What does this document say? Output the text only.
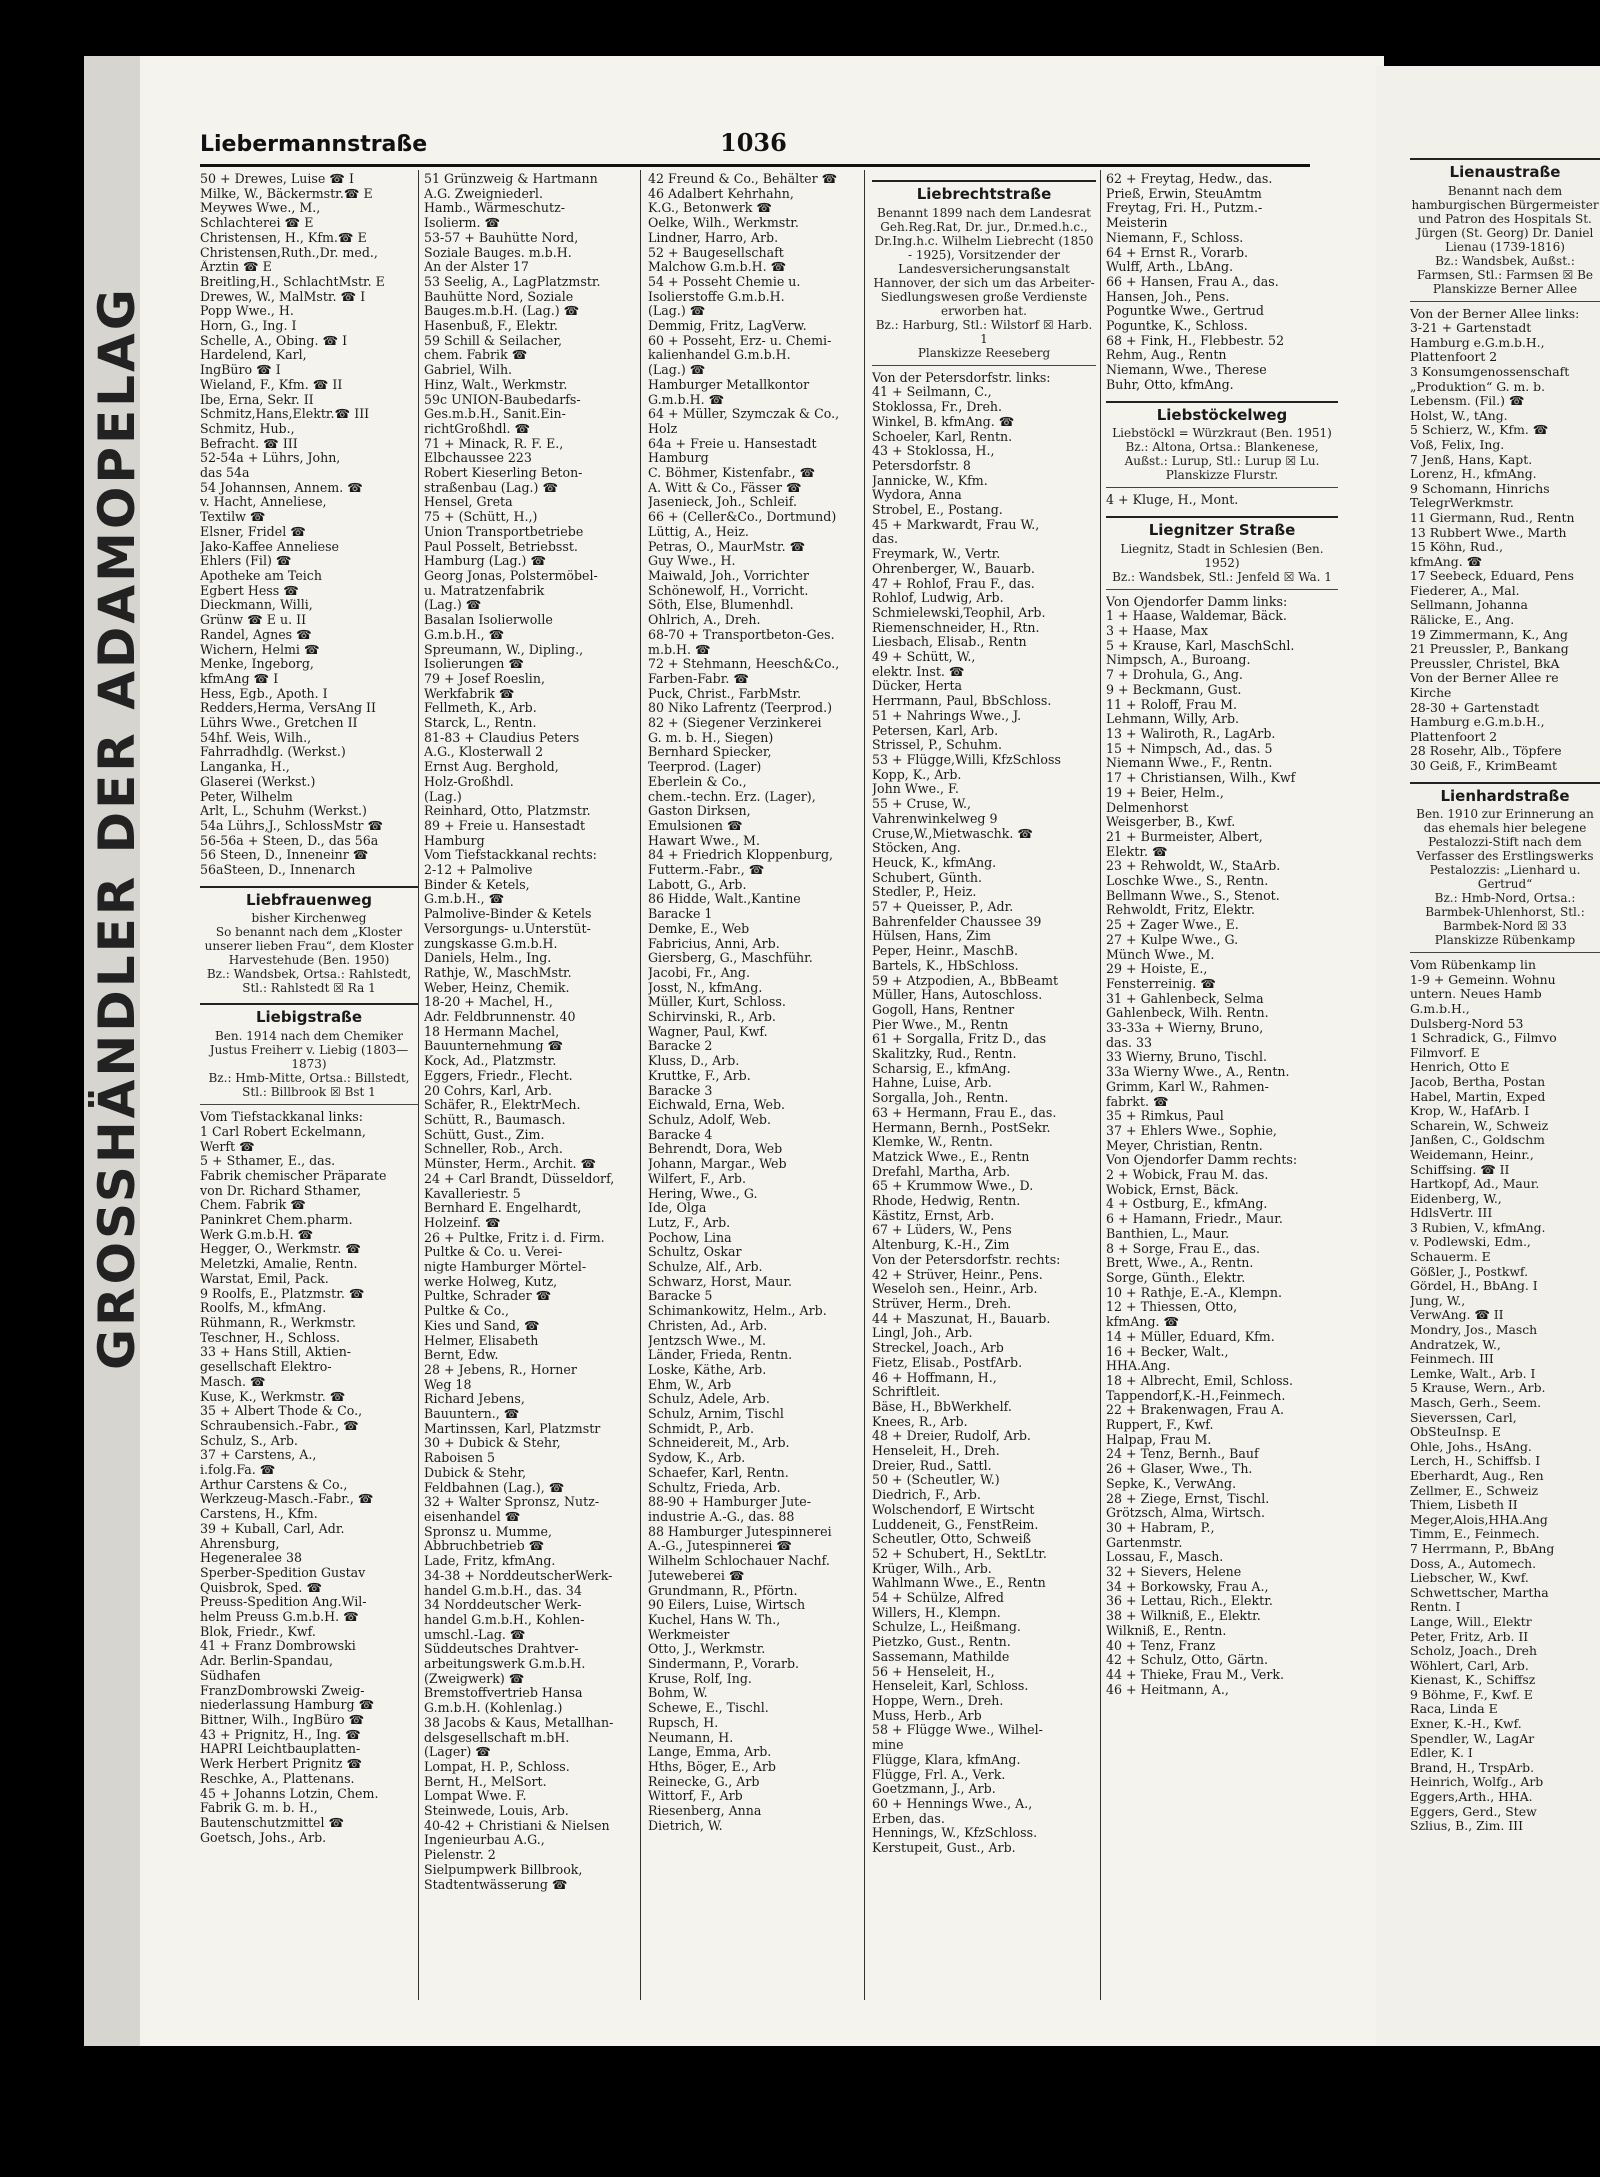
GROSSHÄNDLER DER ADAMOPELAG
Liebermannstraße	1036
50 + Drewes, Luise ☎ I
Milke, W., Bäckermstr.☎ E
Meywes Wwe., M.,
Schlachterei ☎ E
Christensen, H., Kfm.☎ E
Christensen,Ruth.,Dr. med.,
Ärztin ☎ E
Breitling,H., SchlachtMstr. E
Drewes, W., MalMstr. ☎ I
Popp Wwe., H.
Horn, G., Ing. I
Schelle, A., Obing. ☎ I
Hardelend, Karl,
IngBüro ☎ I
Wieland, F., Kfm. ☎ II
Ibe, Erna, Sekr. II
Schmitz,Hans,Elektr.☎ III
Schmitz, Hub.,
Befracht. ☎ III
52-54a + Lührs, John,
das 54a
54 Johannsen, Annem. ☎
v. Hacht, Anneliese,
Textilw ☎
Elsner, Fridel ☎
Jako-Kaffee Anneliese
Ehlers (Fil) ☎
Apotheke am Teich
Egbert Hess ☎
Dieckmann, Willi,
Grünw ☎ E u. II
Randel, Agnes ☎
Wichern, Helmi ☎
Menke, Ingeborg,
kfmAng ☎ I
Hess, Egb., Apoth. I
Redders,Herma, VersAng II
Lührs Wwe., Gretchen II
54hf. Weis, Wilh.,
Fahrradhdlg. (Werkst.)
Langanka, H.,
Glaserei (Werkst.)
Peter, Wilhelm
Arlt, L., Schuhm (Werkst.)
54a Lührs,J., SchlossMstr ☎
56-56a + Steen, D., das 56a
56 Steen, D., Inneneinr ☎
56aSteen, D., Innenarch
Liebfrauenweg
bisher Kirchenweg
So benannt nach dem „Kloster unserer lieben Frau“, dem Kloster Harvestehude (Ben. 1950)
Bz.: Wandsbek, Ortsa.: Rahlstedt, Stl.: Rahlstedt ☒ Ra 1
Liebigstraße
Ben. 1914 nach dem Chemiker Justus Freiherr v. Liebig (1803—1873)
Bz.: Hmb-Mitte, Ortsa.: Billstedt, Stl.: Billbrook ☒ Bst 1
Vom Tiefstackkanal links:
1 Carl Robert Eckelmann,
Werft ☎
5 + Sthamer, E., das.
Fabrik chemischer Präparate
von Dr. Richard Sthamer,
Chem. Fabrik ☎
Paninkret Chem.pharm.
Werk G.m.b.H. ☎
Hegger, O., Werkmstr. ☎
Meletzki, Amalie, Rentn.
Warstat, Emil, Pack.
9 Roolfs, E., Platzmstr. ☎
Roolfs, M., kfmAng.
Rühmann, R., Werkmstr.
Teschner, H., Schloss.
33 + Hans Still, Aktien-
gesellschaft Elektro-
Masch. ☎
Kuse, K., Werkmstr. ☎
35 + Albert Thode & Co.,
Schraubensich.-Fabr., ☎
Schulz, S., Arb.
37 + Carstens, A.,
i.folg.Fa. ☎
Arthur Carstens & Co.,
Werkzeug-Masch.-Fabr., ☎
Carstens, H., Kfm.
39 + Kuball, Carl, Adr.
Ahrensburg,
Hegeneralee 38
Sperber-Spedition Gustav
Quisbrok, Sped. ☎
Preuss-Spedition Ang.Wil-
helm Preuss G.m.b.H. ☎
Blok, Friedr., Kwf.
41 + Franz Dombrowski
Adr. Berlin-Spandau,
Südhafen
FranzDombrowski Zweig-
niederlassung Hamburg ☎
Bittner, Wilh., IngBüro ☎
43 + Prignitz, H., Ing. ☎
HAPRI Leichtbauplatten-
Werk Herbert Prignitz ☎
Reschke, A., Plattenans.
45 + Johanns Lotzin, Chem.
Fabrik G. m. b. H.,
Bautenschutzmittel ☎
Goetsch, Johs., Arb.
51 Grünzweig & Hartmann
A.G. Zweigniederl.
Hamb., Wärmeschutz-
Isolierm. ☎
53-57 + Bauhütte Nord,
Soziale Bauges. m.b.H.
An der Alster 17
53 Seelig, A., LagPlatzmstr.
Bauhütte Nord, Soziale
Bauges.m.b.H. (Lag.) ☎
Hasenbuß, F., Elektr.
59 Schill & Seilacher,
chem. Fabrik ☎
Gabriel, Wilh.
Hinz, Walt., Werkmstr.
59c UNION-Baubedarfs-
Ges.m.b.H., Sanit.Ein-
richtGroßhdl. ☎
71 + Minack, R. F. E.,
Elbchaussee 223
Robert Kieserling Beton-
straßenbau (Lag.) ☎
Hensel, Greta
75 + (Schütt, H.,)
Union Transportbetriebe
Paul Posselt, Betriebsst.
Hamburg (Lag.) ☎
Georg Jonas, Polstermöbel-
u. Matratzenfabrik
(Lag.) ☎
Basalan Isolierwolle
G.m.b.H., ☎
Spreumann, W., Dipling.,
Isolierungen ☎
79 + Josef Roeslin,
Werkfabrik ☎
Fellmeth, K., Arb.
Starck, L., Rentn.
81-83 + Claudius Peters
A.G., Klosterwall 2
Ernst Aug. Berghold,
Holz-Großhdl.
(Lag.)
Reinhard, Otto, Platzmstr.
89 + Freie u. Hansestadt
Hamburg
Vom Tiefstackkanal rechts:
2-12 + Palmolive
Binder & Ketels,
G.m.b.H., ☎
Palmolive-Binder & Ketels
Versorgungs- u.Unterstüt-
zungskasse G.m.b.H.
Daniels, Helm., Ing.
Rathje, W., MaschMstr.
Weber, Heinz, Chemik.
18-20 + Machel, H.,
Adr. Feldbrunnenstr. 40
18 Hermann Machel,
Bauunternehmung ☎
Kock, Ad., Platzmstr.
Eggers, Friedr., Flecht.
20 Cohrs, Karl, Arb.
Schäfer, R., ElektrMech.
Schütt, R., Baumasch.
Schütt, Gust., Zim.
Schneller, Rob., Arch.
Münster, Herm., Archit. ☎
24 + Carl Brandt, Düsseldorf,
Kavalleriestr. 5
Bernhard E. Engelhardt,
Holzeinf. ☎
26 + Pultke, Fritz i. d. Firm.
Pultke & Co. u. Verei-
nigte Hamburger Mörtel-
werke Holweg, Kutz,
Pultke, Schrader ☎
Pultke & Co.,
Kies und Sand, ☎
Helmer, Elisabeth
Bernt, Edw.
28 + Jebens, R., Horner
Weg 18
Richard Jebens,
Bauuntern., ☎
Martinssen, Karl, Platzmstr
30 + Dubick & Stehr,
Raboisen 5
Dubick & Stehr,
Feldbahnen (Lag.), ☎
32 + Walter Spronsz, Nutz-
eisenhandel ☎
Spronsz u. Mumme,
Abbruchbetrieb ☎
Lade, Fritz, kfmAng.
34-38 + NorddeutscherWerk-
handel G.m.b.H., das. 34
34 Norddeutscher Werk-
handel G.m.b.H., Kohlen-
umschl.-Lag. ☎
Süddeutsches Drahtver-
arbeitungswerk G.m.b.H.
(Zweigwerk) ☎
Bremstoffvertrieb Hansa
G.m.b.H. (Kohlenlag.)
38 Jacobs & Kaus, Metallhan-
delsgesellschaft m.bH.
(Lager) ☎
Lompat, H. P., Schloss.
Bernt, H., MelSort.
Lompat Wwe. F.
Steinwede, Louis, Arb.
40-42 + Christiani & Nielsen
Ingenieurbau A.G.,
Pielenstr. 2
Sielpumpwerk Billbrook,
Stadtentwässerung ☎
42 Freund & Co., Behälter ☎
46 Adalbert Kehrhahn,
K.G., Betonwerk ☎
Oelke, Wilh., Werkmstr.
Lindner, Harro, Arb.
52 + Baugesellschaft
Malchow G.m.b.H. ☎
54 + Posseht Chemie u.
Isolierstoffe G.m.b.H.
(Lag.) ☎
Demmig, Fritz, LagVerw.
60 + Posseht, Erz- u. Chemi-
kalienhandel G.m.b.H.
(Lag.) ☎
Hamburger Metallkontor
G.m.b.H. ☎
64 + Müller, Szymczak & Co.,
Holz
64a + Freie u. Hansestadt
Hamburg
C. Böhmer, Kistenfabr., ☎
A. Witt & Co., Fässer ☎
Jasenieck, Joh., Schleif.
66 + (Celler&Co., Dortmund)
Lüttig, A., Heiz.
Petras, O., MaurMstr. ☎
Guy Wwe., H.
Maiwald, Joh., Vorrichter
Schönewolf, H., Vorricht.
Söth, Else, Blumenhdl.
Ohlrich, A., Dreh.
68-70 + Transportbeton-Ges.
m.b.H. ☎
72 + Stehmann, Heesch&Co.,
Farben-Fabr. ☎
Puck, Christ., FarbMstr.
80 Niko Lafrentz (Teerprod.)
82 + (Siegener Verzinkerei
G. m. b. H., Siegen)
Bernhard Spiecker,
Teerprod. (Lager)
Eberlein & Co.,
chem.-techn. Erz. (Lager),
Gaston Dirksen,
Emulsionen ☎
Hawart Wwe., M.
84 + Friedrich Kloppenburg,
Futterm.-Fabr., ☎
Labott, G., Arb.
86 Hidde, Walt.,Kantine
Baracke 1
Demke, E., Web
Fabricius, Anni, Arb.
Giersberg, G., Maschführ.
Jacobi, Fr., Ang.
Josst, N., kfmAng.
Müller, Kurt, Schloss.
Schirvinski, R., Arb.
Wagner, Paul, Kwf.
Baracke 2
Kluss, D., Arb.
Kruttke, F., Arb.
Baracke 3
Eichwald, Erna, Web.
Schulz, Adolf, Web.
Baracke 4
Behrendt, Dora, Web
Johann, Margar., Web
Wilfert, F., Arb.
Hering, Wwe., G.
Ide, Olga
Lutz, F., Arb.
Pochow, Lina
Schultz, Oskar
Schulze, Alf., Arb.
Schwarz, Horst, Maur.
Baracke 5
Schimankowitz, Helm., Arb.
Christen, Ad., Arb.
Jentzsch Wwe., M.
Länder, Frieda, Rentn.
Loske, Käthe, Arb.
Ehm, W., Arb
Schulz, Adele, Arb.
Schulz, Arnim, Tischl
Schmidt, P., Arb.
Schneidereit, M., Arb.
Sydow, K., Arb.
Schaefer, Karl, Rentn.
Schultz, Frieda, Arb.
88-90 + Hamburger Jute-
industrie A.-G., das. 88
88 Hamburger Jutespinnerei
A.-G., Jutespinnerei ☎
Wilhelm Schlochauer Nachf.
Juteweberei ☎
Grundmann, R., Pförtn.
90 Eilers, Luise, Wirtsch
Kuchel, Hans W. Th.,
Werkmeister
Otto, J., Werkmstr.
Sindermann, P., Vorarb.
Kruse, Rolf, Ing.
Bohm, W.
Schewe, E., Tischl.
Rupsch, H.
Neumann, H.
Lange, Emma, Arb.
Hths, Böger, E., Arb
Reinecke, G., Arb
Wittorf, F., Arb
Riesenberg, Anna
Dietrich, W.
Liebrechtstraße
Benannt 1899 nach dem Landesrat Geh.Reg.Rat, Dr. jur., Dr.med.h.c., Dr.Ing.h.c. Wilhelm Liebrecht (1850 - 1925), Vorsitzender der Landesversicherungsanstalt Hannover, der sich um das Arbeiter-Siedlungswesen große Verdienste erworben hat.
Bz.: Harburg, Stl.: Wilstorf ☒ Harb. 1
Planskizze Reeseberg
Von der Petersdorfstr. links:
41 + Seilmann, C.,
Stoklossa, Fr., Dreh.
Winkel, B. kfmAng. ☎
Schoeler, Karl, Rentn.
43 + Stoklossa, H.,
Petersdorfstr. 8
Jannicke, W., Kfm.
Wydora, Anna
Strobel, E., Postang.
45 + Markwardt, Frau W.,
das.
Freymark, W., Vertr.
Ohrenberger, W., Bauarb.
47 + Rohlof, Frau F., das.
Rohlof, Ludwig, Arb.
Schmielewski,Teophil, Arb.
Riemenschneider, H., Rtn.
Liesbach, Elisab., Rentn
49 + Schütt, W.,
elektr. Inst. ☎
Dücker, Herta
Herrmann, Paul, BbSchloss.
51 + Nahrings Wwe., J.
Petersen, Karl, Arb.
Strissel, P., Schuhm.
53 + Flügge,Willi, KfzSchloss
Kopp, K., Arb.
John Wwe., F.
55 + Cruse, W.,
Vahrenwinkelweg 9
Cruse,W.,Mietwaschk. ☎
Stöcken, Ang.
Heuck, K., kfmAng.
Schubert, Günth.
Stedler, P., Heiz.
57 + Queisser, P., Adr.
Bahrenfelder Chaussee 39
Hülsen, Hans, Zim
Peper, Heinr., MaschB.
Bartels, K., HbSchloss.
59 + Atzpodien, A., BbBeamt
Müller, Hans, Autoschloss.
Gogoll, Hans, Rentner
Pier Wwe., M., Rentn
61 + Sorgalla, Fritz D., das
Skalitzky, Rud., Rentn.
Scharsig, E., kfmAng.
Hahne, Luise, Arb.
Sorgalla, Joh., Rentn.
63 + Hermann, Frau E., das.
Hermann, Bernh., PostSekr.
Klemke, W., Rentn.
Matzick Wwe., E., Rentn
Drefahl, Martha, Arb.
65 + Krummow Wwe., D.
Rhode, Hedwig, Rentn.
Kästitz, Ernst, Arb.
67 + Lüders, W., Pens
Altenburg, K.-H., Zim
Von der Petersdorfstr. rechts:
42 + Strüver, Heinr., Pens.
Weseloh sen., Heinr., Arb.
Strüver, Herm., Dreh.
44 + Maszunat, H., Bauarb.
Lingl, Joh., Arb.
Streckel, Joach., Arb
Fietz, Elisab., PostfArb.
46 + Hoffmann, H.,
Schriftleit.
Bäse, H., BbWerkhelf.
Knees, R., Arb.
48 + Dreier, Rudolf, Arb.
Henseleit, H., Dreh.
Dreier, Rud., Sattl.
50 + (Scheutler, W.)
Diedrich, F., Arb.
Wolschendorf, E Wirtscht
Luddeneit, G., FenstReim.
Scheutler, Otto, Schweiß
52 + Schubert, H., SektLtr.
Krüger, Wilh., Arb.
Wahlmann Wwe., E., Rentn
54 + Schülze, Alfred
Willers, H., Klempn.
Schulze, L., Heißmang.
Pietzko, Gust., Rentn.
Sassemann, Mathilde
56 + Henseleit, H.,
Henseleit, Karl, Schloss.
Hoppe, Wern., Dreh.
Muss, Herb., Arb
58 + Flügge Wwe., Wilhel-
mine
Flügge, Klara, kfmAng.
Flügge, Frl. A., Verk.
Goetzmann, J., Arb.
60 + Hennings Wwe., A.,
Erben, das.
Hennings, W., KfzSchloss.
Kerstupeit, Gust., Arb.
62 + Freytag, Hedw., das.
Prieß, Erwin, SteuAmtm
Freytag, Fri. H., Putzm.-
Meisterin
Niemann, F., Schloss.
64 + Ernst R., Vorarb.
Wulff, Arth., LbAng.
66 + Hansen, Frau A., das.
Hansen, Joh., Pens.
Poguntke Wwe., Gertrud
Poguntke, K., Schloss.
68 + Fink, H., Flebbestr. 52
Rehm, Aug., Rentn
Niemann, Wwe., Therese
Buhr, Otto, kfmAng.
Liebstöckelweg
Liebstöckl = Würzkraut (Ben. 1951)
Bz.: Altona, Ortsa.: Blankenese, Außst.: Lurup, Stl.: Lurup ☒ Lu.
Planskizze Flurstr.
4 + Kluge, H., Mont.
Liegnitzer Straße
Liegnitz, Stadt in Schlesien (Ben. 1952)
Bz.: Wandsbek, Stl.: Jenfeld ☒ Wa. 1
Von Ojendorfer Damm links:
1 + Haase, Waldemar, Bäck.
3 + Haase, Max
5 + Krause, Karl, MaschSchl.
Nimpsch, A., Buroang.
7 + Drohula, G., Ang.
9 + Beckmann, Gust.
11 + Roloff, Frau M.
Lehmann, Willy, Arb.
13 + Waliroth, R., LagArb.
15 + Nimpsch, Ad., das. 5
Niemann Wwe., F., Rentn.
17 + Christiansen, Wilh., Kwf
19 + Beier, Helm.,
Delmenhorst
Weisgerber, B., Kwf.
21 + Burmeister, Albert,
Elektr. ☎
23 + Rehwoldt, W., StaArb.
Loschke Wwe., S., Rentn.
Bellmann Wwe., S., Stenot.
Rehwoldt, Fritz, Elektr.
25 + Zager Wwe., E.
27 + Kulpe Wwe., G.
Münch Wwe., M.
29 + Hoiste, E.,
Fensterreinig. ☎
31 + Gahlenbeck, Selma
Gahlenbeck, Wilh. Rentn.
33-33a + Wierny, Bruno,
das. 33
33 Wierny, Bruno, Tischl.
33a Wierny Wwe., A., Rentn.
Grimm, Karl W., Rahmen-
fabrkt. ☎
35 + Rimkus, Paul
37 + Ehlers Wwe., Sophie,
Meyer, Christian, Rentn.
Von Ojendorfer Damm rechts:
2 + Wobick, Frau M. das.
Wobick, Ernst, Bäck.
4 + Ostburg, E., kfmAng.
6 + Hamann, Friedr., Maur.
Banthien, L., Maur.
8 + Sorge, Frau E., das.
Brett, Wwe., A., Rentn.
Sorge, Günth., Elektr.
10 + Rathje, E.-A., Klempn.
12 + Thiessen, Otto,
kfmAng. ☎
14 + Müller, Eduard, Kfm.
16 + Becker, Walt.,
HHA.Ang.
18 + Albrecht, Emil, Schloss.
Tappendorf,K.-H.,Feinmech.
22 + Brakenwagen, Frau A.
Ruppert, F., Kwf.
Halpap, Frau M.
24 + Tenz, Bernh., Bauf
26 + Glaser, Wwe., Th.
Sepke, K., VerwAng.
28 + Ziege, Ernst, Tischl.
Grötzsch, Alma, Wirtsch.
30 + Habram, P.,
Gartenmstr.
Lossau, F., Masch.
32 + Sievers, Helene
34 + Borkowsky, Frau A.,
36 + Lettau, Rich., Elektr.
38 + Wilkniß, E., Elektr.
Wilkniß, E., Rentn.
40 + Tenz, Franz
42 + Schulz, Otto, Gärtn.
44 + Thieke, Frau M., Verk.
46 + Heitmann, A.,
Lienaustraße
Benannt nach dem hamburgischen Bürgermeister und Patron des Hospitals St. Jürgen (St. Georg) Dr. Daniel Lienau (1739-1816)
Bz.: Wandsbek, Außst.: Farmsen, Stl.: Farmsen ☒ Be
Planskizze Berner Allee
Von der Berner Allee links:
3-21 + Gartenstadt
Hamburg e.G.m.b.H.,
Plattenfoort 2
3 Konsumgenossenschaft
„Produktion“ G. m. b.
Lebensm. (Fil.) ☎
Holst, W., tAng.
5 Schierz, W., Kfm. ☎
Voß, Felix, Ing.
7 Jenß, Hans, Kapt.
Lorenz, H., kfmAng.
9 Schomann, Hinrichs
TelegrWerkmstr.
11 Giermann, Rud., Rentn
13 Rubbert Wwe., Marth
15 Köhn, Rud.,
kfmAng. ☎
17 Seebeck, Eduard, Pens
Fiederer, A., Mal.
Sellmann, Johanna
Rälicke, E., Ang.
19 Zimmermann, K., Ang
21 Preussler, P., Bankang
Preussler, Christel, BkA
Von der Berner Allee re
Kirche
28-30 + Gartenstadt
Hamburg e.G.m.b.H.,
Plattenfoort 2
28 Rosehr, Alb., Töpfere
30 Geiß, F., KrimBeamt
Lienhardstraße
Ben. 1910 zur Erinnerung an das ehemals hier belegene Pestalozzi-Stift nach dem Verfasser des Erstlingswerks Pestalozzis: „Lienhard u. Gertrud“
Bz.: Hmb-Nord, Ortsa.: Barmbek-Uhlenhorst, Stl.: Barmbek-Nord ☒ 33
Planskizze Rübenkamp
Vom Rübenkamp lin
1-9 + Gemeinn. Wohnu
untern. Neues Hamb
G.m.b.H.,
Dulsberg-Nord 53
1 Schradick, G., Filmvo
Filmvorf. E
Henrich, Otto E
Jacob, Bertha, Postan
Habel, Martin, Exped
Krop, W., HafArb. I
Scharein, W., Schweiz
Janßen, C., Goldschm
Weidemann, Heinr.,
Schiffsing. ☎ II
Hartkopf, Ad., Maur.
Eidenberg, W.,
HdlsVertr. III
3 Rubien, V., kfmAng.
v. Podlewski, Edm.,
Schauerm. E
Gößler, J., Postkwf.
Gördel, H., BbAng. I
Jung, W.,
VerwAng. ☎ II
Mondry, Jos., Masch
Andratzek, W.,
Feinmech. III
Lemke, Walt., Arb. I
5 Krause, Wern., Arb.
Masch, Gerh., Seem.
Sieverssen, Carl,
ObSteuInsp. E
Ohle, Johs., HsAng.
Lerch, H., Schiffsb. I
Eberhardt, Aug., Ren
Zellmer, E., Schweiz
Thiem, Lisbeth II
Meger,Alois,HHA.Ang
Timm, E., Feinmech.
7 Herrmann, P., BbAng
Doss, A., Automech.
Liebscher, W., Kwf.
Schwettscher, Martha
Rentn. I
Lange, Will., Elektr
Peter, Fritz, Arb. II
Scholz, Joach., Dreh
Wöhlert, Carl, Arb.
Kienast, K., Schiffsz
9 Böhme, F., Kwf. E
Raca, Linda E
Exner, K.-H., Kwf.
Spendler, W., LagAr
Edler, K. I
Brand, H., TrspArb.
Heinrich, Wolfg., Arb
Eggers,Arth., HHA.
Eggers, Gerd., Stew
Szlius, B., Zim. III
